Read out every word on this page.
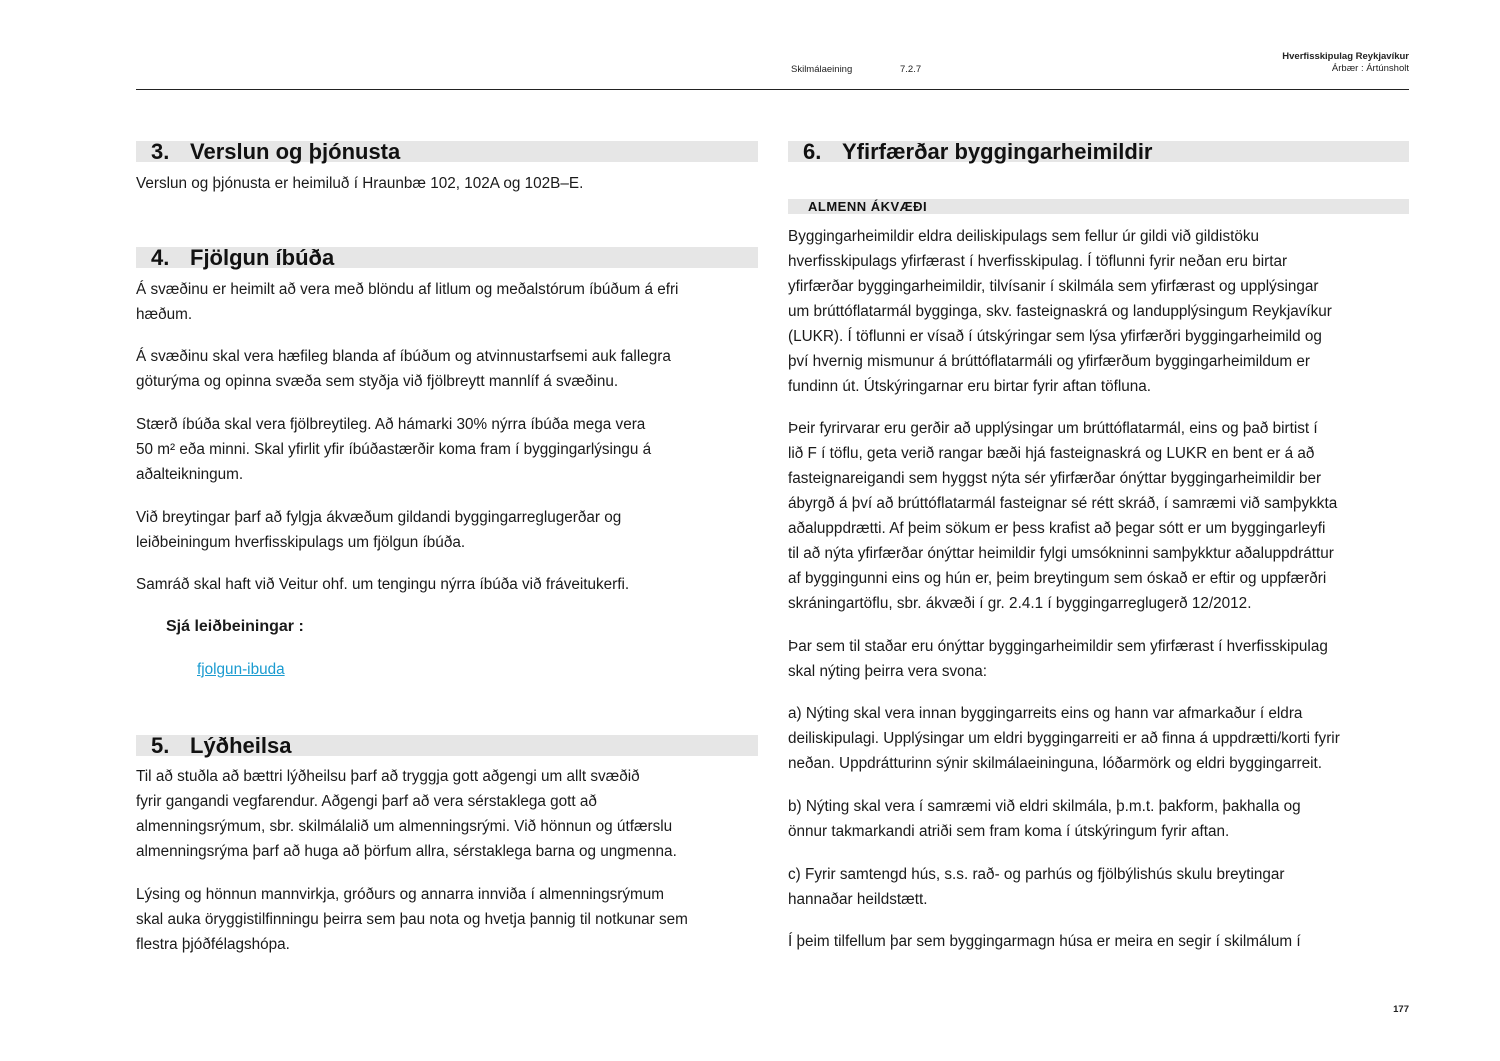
Skilmálaeining	7.2.7
Hverfisskipulag Reykjavíkur
Árbær : Ártúnsholt
3. Verslun og þjónusta
Verslun og þjónusta er heimiluð í Hraunbæ 102, 102A og 102B–E.
4. Fjölgun íbúða
Á svæðinu er heimilt að vera með blöndu af litlum og meðalstórum íbúðum á efri
hæðum.
Á svæðinu skal vera hæfileg blanda af íbúðum og atvinnustarfsemi auk fallegra
göturýma og opinna svæða sem styðja við fjölbreytt mannlíf á svæðinu.
Stærð íbúða skal vera fjölbreytileg. Að hámarki 30% nýrra íbúða mega vera
50 m² eða minni. Skal yfirlit yfir íbúðastærðir koma fram í byggingarlýsingu á
aðalteikningum.
Við breytingar þarf að fylgja ákvæðum gildandi byggingarreglugerðar og
leiðbeiningum hverfisskipulags um fjölgun íbúða.
Samráð skal haft við Veitur ohf. um tengingu nýrra íbúða við fráveitukerfi.
Sjá leiðbeiningar :
fjolgun-ibuda
5. Lýðheilsa
Til að stuðla að bættri lýðheilsu þarf að tryggja gott aðgengi um allt svæðið
fyrir gangandi vegfarendur. Aðgengi þarf að vera sérstaklega gott að
almenningsrýmum, sbr. skilmálalið um almenningsrými. Við hönnun og útfærslu
almenningsrýma þarf að huga að þörfum allra, sérstaklega barna og ungmenna.
Lýsing og hönnun mannvirkja, gróðurs og annarra innviða í almenningsrýmum
skal auka öryggistilfinningu þeirra sem þau nota og hvetja þannig til notkunar sem
flestra þjóðfélagshópa.
6. Yfirfærðar byggingarheimildir
ALMENN ÁKVÆÐI
Byggingarheimildir eldra deiliskipulags sem fellur úr gildi við gildistöku
hverfisskipulags yfirfærast í hverfisskipulag. Í töflunni fyrir neðan eru birtar
yfirfærðar byggingarheimildir, tilvísanir í skilmála sem yfirfærast og upplýsingar
um brúttóflatarmál bygginga, skv. fasteignaskrá og landupplýsingum Reykjavíkur
(LUKR). Í töflunni er vísað í útskýringar sem lýsa yfirfærðri byggingarheimild og
því hvernig mismunur á brúttóflatarmáli og yfirfærðum byggingarheimildum er
fundinn út. Útskýringarnar eru birtar fyrir aftan töfluna.
Þeir fyrirvarar eru gerðir að upplýsingar um brúttóflatarmál, eins og það birtist í
lið F í töflu, geta verið rangar bæði hjá fasteignaskrá og LUKR en bent er á að
fasteignareigandi sem hyggst nýta sér yfirfærðar ónýttar byggingarheimildir ber
ábyrgð á því að brúttóflatarmál fasteignar sé rétt skráð, í samræmi við samþykkta
aðaluppdrætti. Af þeim sökum er þess krafist að þegar sótt er um byggingarleyfi
til að nýta yfirfærðar ónýttar heimildir fylgi umsókninni samþykktur aðaluppdráttur
af byggingunni eins og hún er, þeim breytingum sem óskað er eftir og uppfærðri
skráningartöflu, sbr. ákvæði í gr. 2.4.1 í byggingarreglugerð 12/2012.
Þar sem til staðar eru ónýttar byggingarheimildir sem yfirfærast í hverfisskipulag
skal nýting þeirra vera svona:
a) Nýting skal vera innan byggingarreits eins og hann var afmarkaður í eldra
deiliskipulagi. Upplýsingar um eldri byggingarreiti er að finna á uppdrætti/korti fyrir
neðan. Uppdrátturinn sýnir skilmálaeininguna, lóðarmörk og eldri byggingarreit.
b) Nýting skal vera í samræmi við eldri skilmála, þ.m.t. þakform, þakhalla og
önnur takmarkandi atriði sem fram koma í útskýringum fyrir aftan.
c) Fyrir samtengd hús, s.s. rað- og parhús og fjölbýlishús skulu breytingar
hannaðar heildstætt.
Í þeim tilfellum þar sem byggingarmagn húsa er meira en segir í skilmálum í
177
